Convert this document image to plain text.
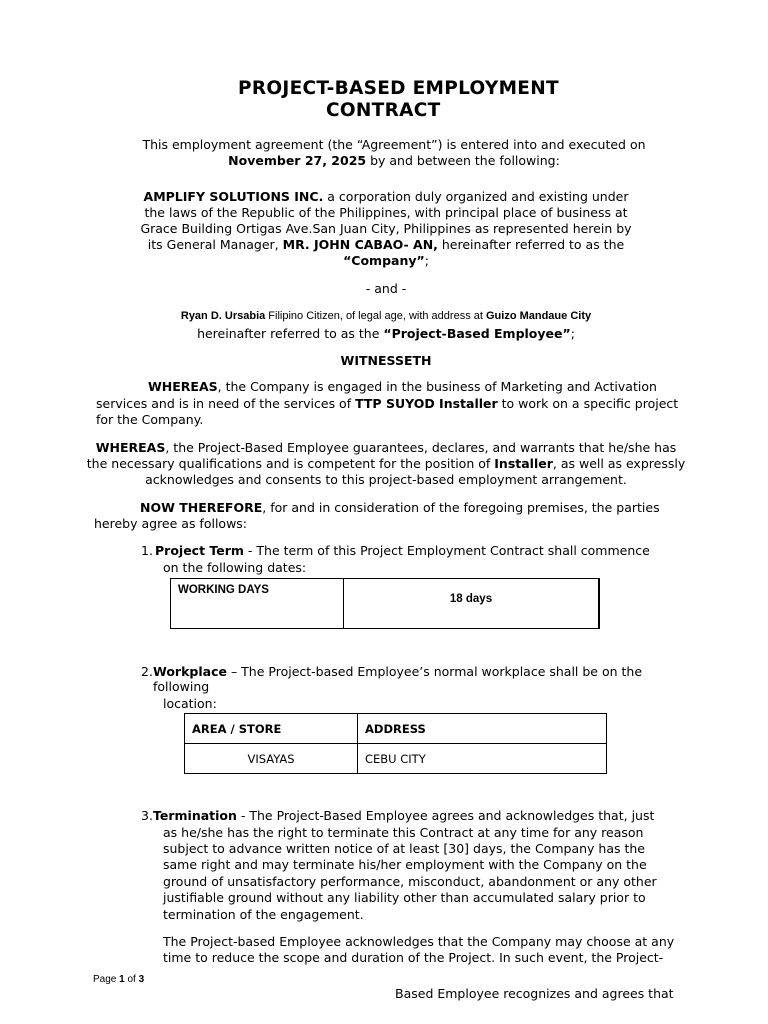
PROJECT-BASED EMPLOYMENT
CONTRACT
This employment agreement (the “Agreement”) is entered into and executed on
November 27, 2025 by and between the following:
AMPLIFY SOLUTIONS INC. a corporation duly organized and existing under
the laws of the Republic of the Philippines, with principal place of business at
Grace Building Ortigas Ave.San Juan City, Philippines as represented herein by
its General Manager, MR. JOHN CABAO- AN, hereinafter referred to as the
“Company”;
- and -
Ryan D. Ursabia Filipino Citizen, of legal age, with address at Guizo Mandaue City
hereinafter referred to as the “Project-Based Employee”;
WITNESSETH
WHEREAS, the Company is engaged in the business of Marketing and Activation
services and is in need of the services of TTP SUYOD Installer to work on a specific project
for the Company.
WHEREAS, the Project-Based Employee guarantees, declares, and warrants that he/she has
the necessary qualifications and is competent for the position of Installer, as well as expressly
acknowledges and consents to this project-based employment arrangement.
NOW THEREFORE, for and in consideration of the foregoing premises, the parties
hereby agree as follows:
1. Project Term - The term of this Project Employment Contract shall commence
on the following dates:
WORKING DAYS	18 days
2. Workplace – The Project-based Employee’s normal workplace shall be on the
following
location:
AREA / STORE	ADDRESS
VISAYAS	CEBU CITY
3. Termination - The Project-Based Employee agrees and acknowledges that, just
as he/she has the right to terminate this Contract at any time for any reason
subject to advance written notice of at least [30] days, the Company has the
same right and may terminate his/her employment with the Company on the
ground of unsatisfactory performance, misconduct, abandonment or any other
justifiable ground without any liability other than accumulated salary prior to
termination of the engagement.
The Project-based Employee acknowledges that the Company may choose at any
time to reduce the scope and duration of the Project. In such event, the Project-
Page 1 of 3
Based Employee recognizes and agrees that
